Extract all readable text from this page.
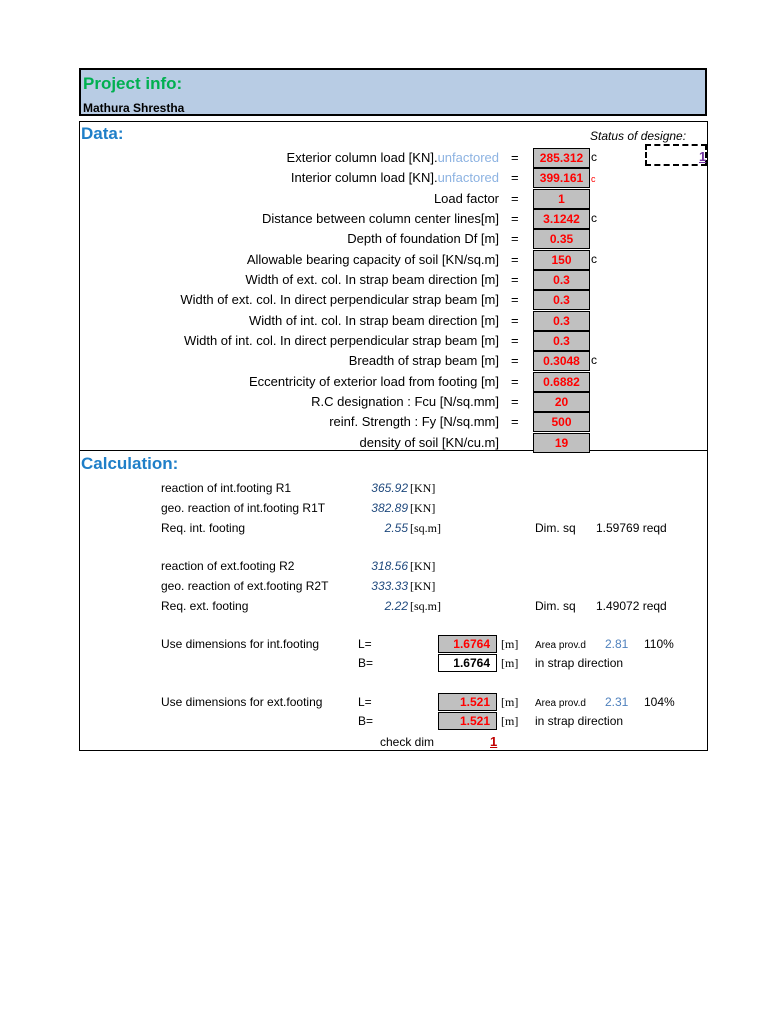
Project info:
Mathura Shrestha
Data:	Status of designe:
1
Exterior column load [KN].unfactored =	285.312 c
Interior column load [KN].unfactored =	399.161 c
Load factor =	1
Distance between column center lines[m] =	3.1242 c
Depth of foundation Df [m] =	0.35
Allowable bearing capacity of soil [KN/sq.m] =	150	c
Width of ext. col. In strap beam direction [m] =	0.3
Width of ext. col. In direct perpendicular strap beam [m] =	0.3
Width of int. col. In strap beam direction [m] =	0.3
Width of int. col. In direct perpendicular strap beam [m] =	0.3
Breadth of strap beam [m] =	0.3048 c
Eccentricity of exterior load from footing [m] =	0.6882
R.C designation : Fcu [N/sq.mm] =	20
reinf. Strength : Fy [N/sq.mm] =	500
density of soil [KN/cu.m]	19
Calculation:
reaction of int.footing R1	365.92 [KN]
geo. reaction of int.footing R1T	382.89 [KN]
Req. int. footing	2.55 [sq.m]	Dim. sq 1.59769 reqd
reaction of ext.footing R2	318.56 [KN]
geo. reaction of ext.footing R2T	333.33 [KN]
Req. ext. footing	2.22 [sq.m]	Dim. sq 1.49072 reqd
Use dimensions for int.footing	L=	1.6764 [m] Area prov.d 2.81 110%
B=	1.6764 [m] in strap direction
Use dimensions for ext.footing	L=	1.521 [m] Area prov.d 2.31 104%
B=	1.521 [m] in strap direction
check dim	1
